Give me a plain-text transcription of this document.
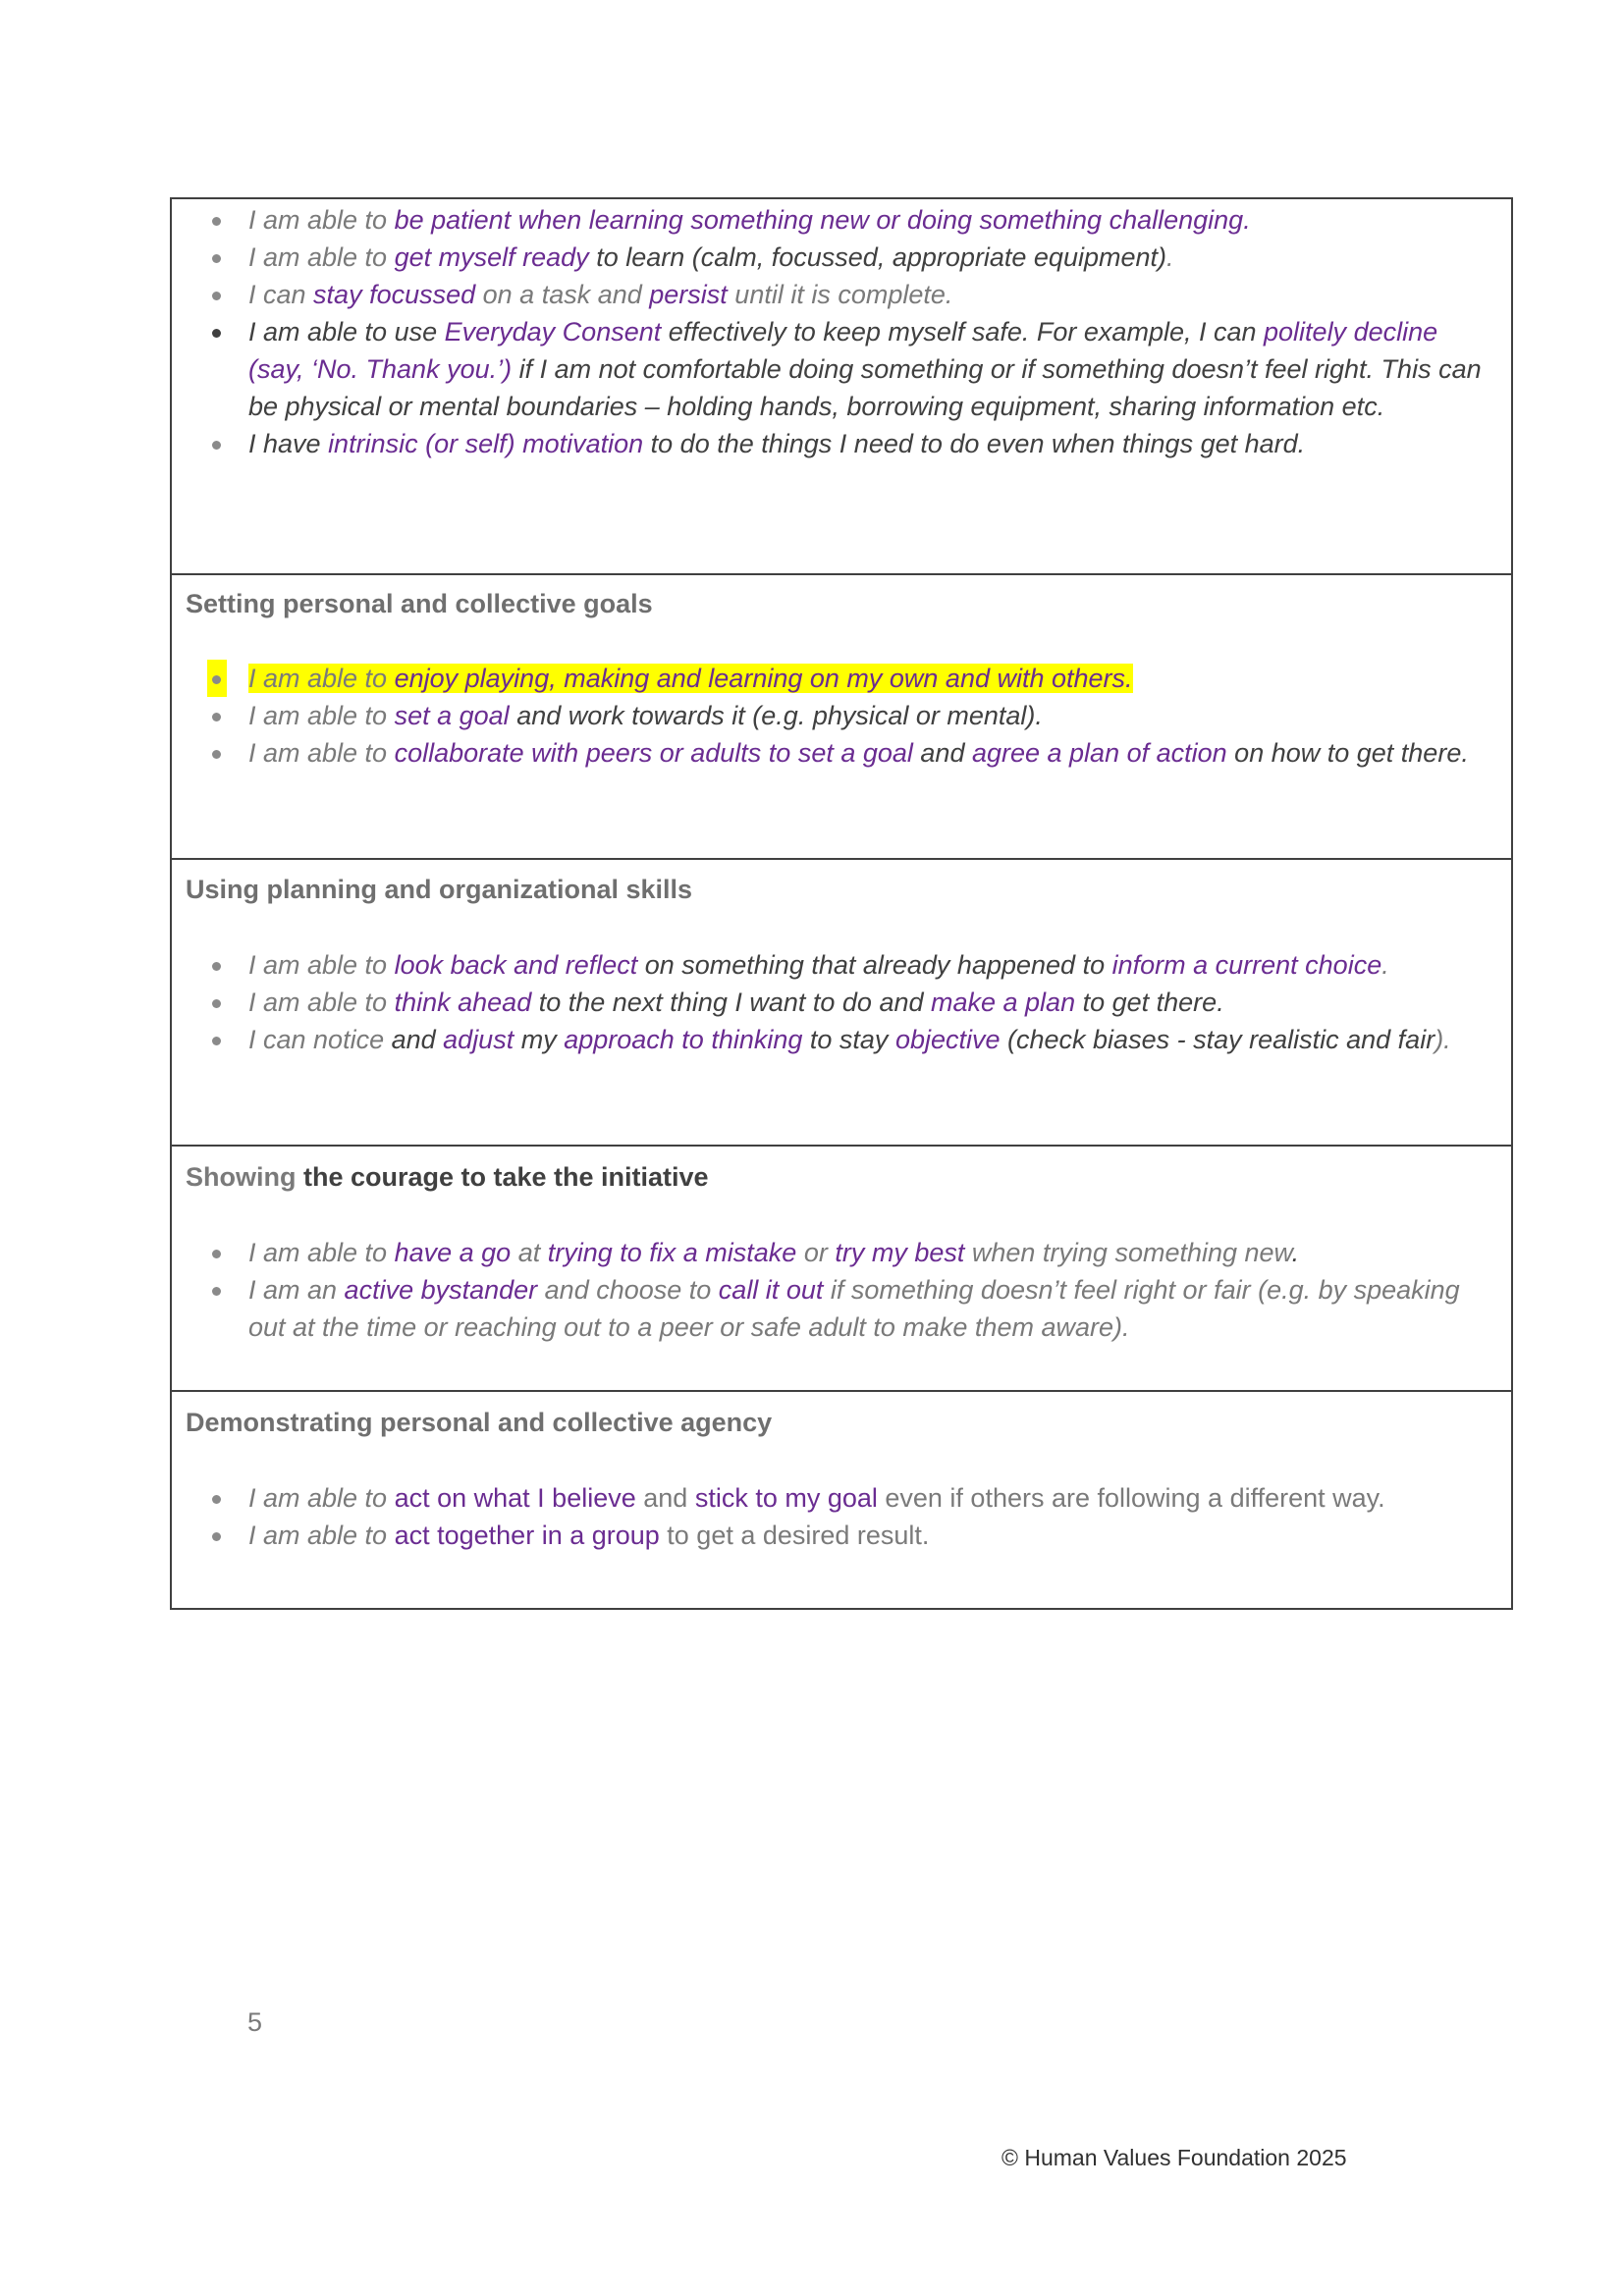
I am able to be patient when learning something new or doing something challenging.
I am able to get myself ready to learn (calm, focussed, appropriate equipment).
I can stay focussed on a task and persist until it is complete.
I am able to use Everyday Consent effectively to keep myself safe. For example, I can politely decline (say, ‘No. Thank you.’) if I am not comfortable doing something or if something doesn’t feel right. This can be physical or mental boundaries – holding hands, borrowing equipment, sharing information etc.
I have intrinsic (or self) motivation to do the things I need to do even when things get hard.

Setting personal and collective goals

I am able to enjoy playing, making and learning on my own and with others.
I am able to set a goal and work towards it (e.g. physical or mental).
I am able to collaborate with peers or adults to set a goal and agree a plan of action on how to get there.

Using planning and organizational skills

I am able to look back and reflect on something that already happened to inform a current choice.
I am able to think ahead to the next thing I want to do and make a plan to get there.
I can notice and adjust my approach to thinking to stay objective (check biases - stay realistic and fair).

Showing the courage to take the initiative

I am able to have a go at trying to fix a mistake or try my best when trying something new.
I am an active bystander and choose to call it out if something doesn’t feel right or fair (e.g. by speaking out at the time or reaching out to a peer or safe adult to make them aware).

Demonstrating personal and collective agency

I am able to act on what I believe and stick to my goal even if others are following a different way.
I am able to act together in a group to get a desired result.
5
© Human Values Foundation 2025
